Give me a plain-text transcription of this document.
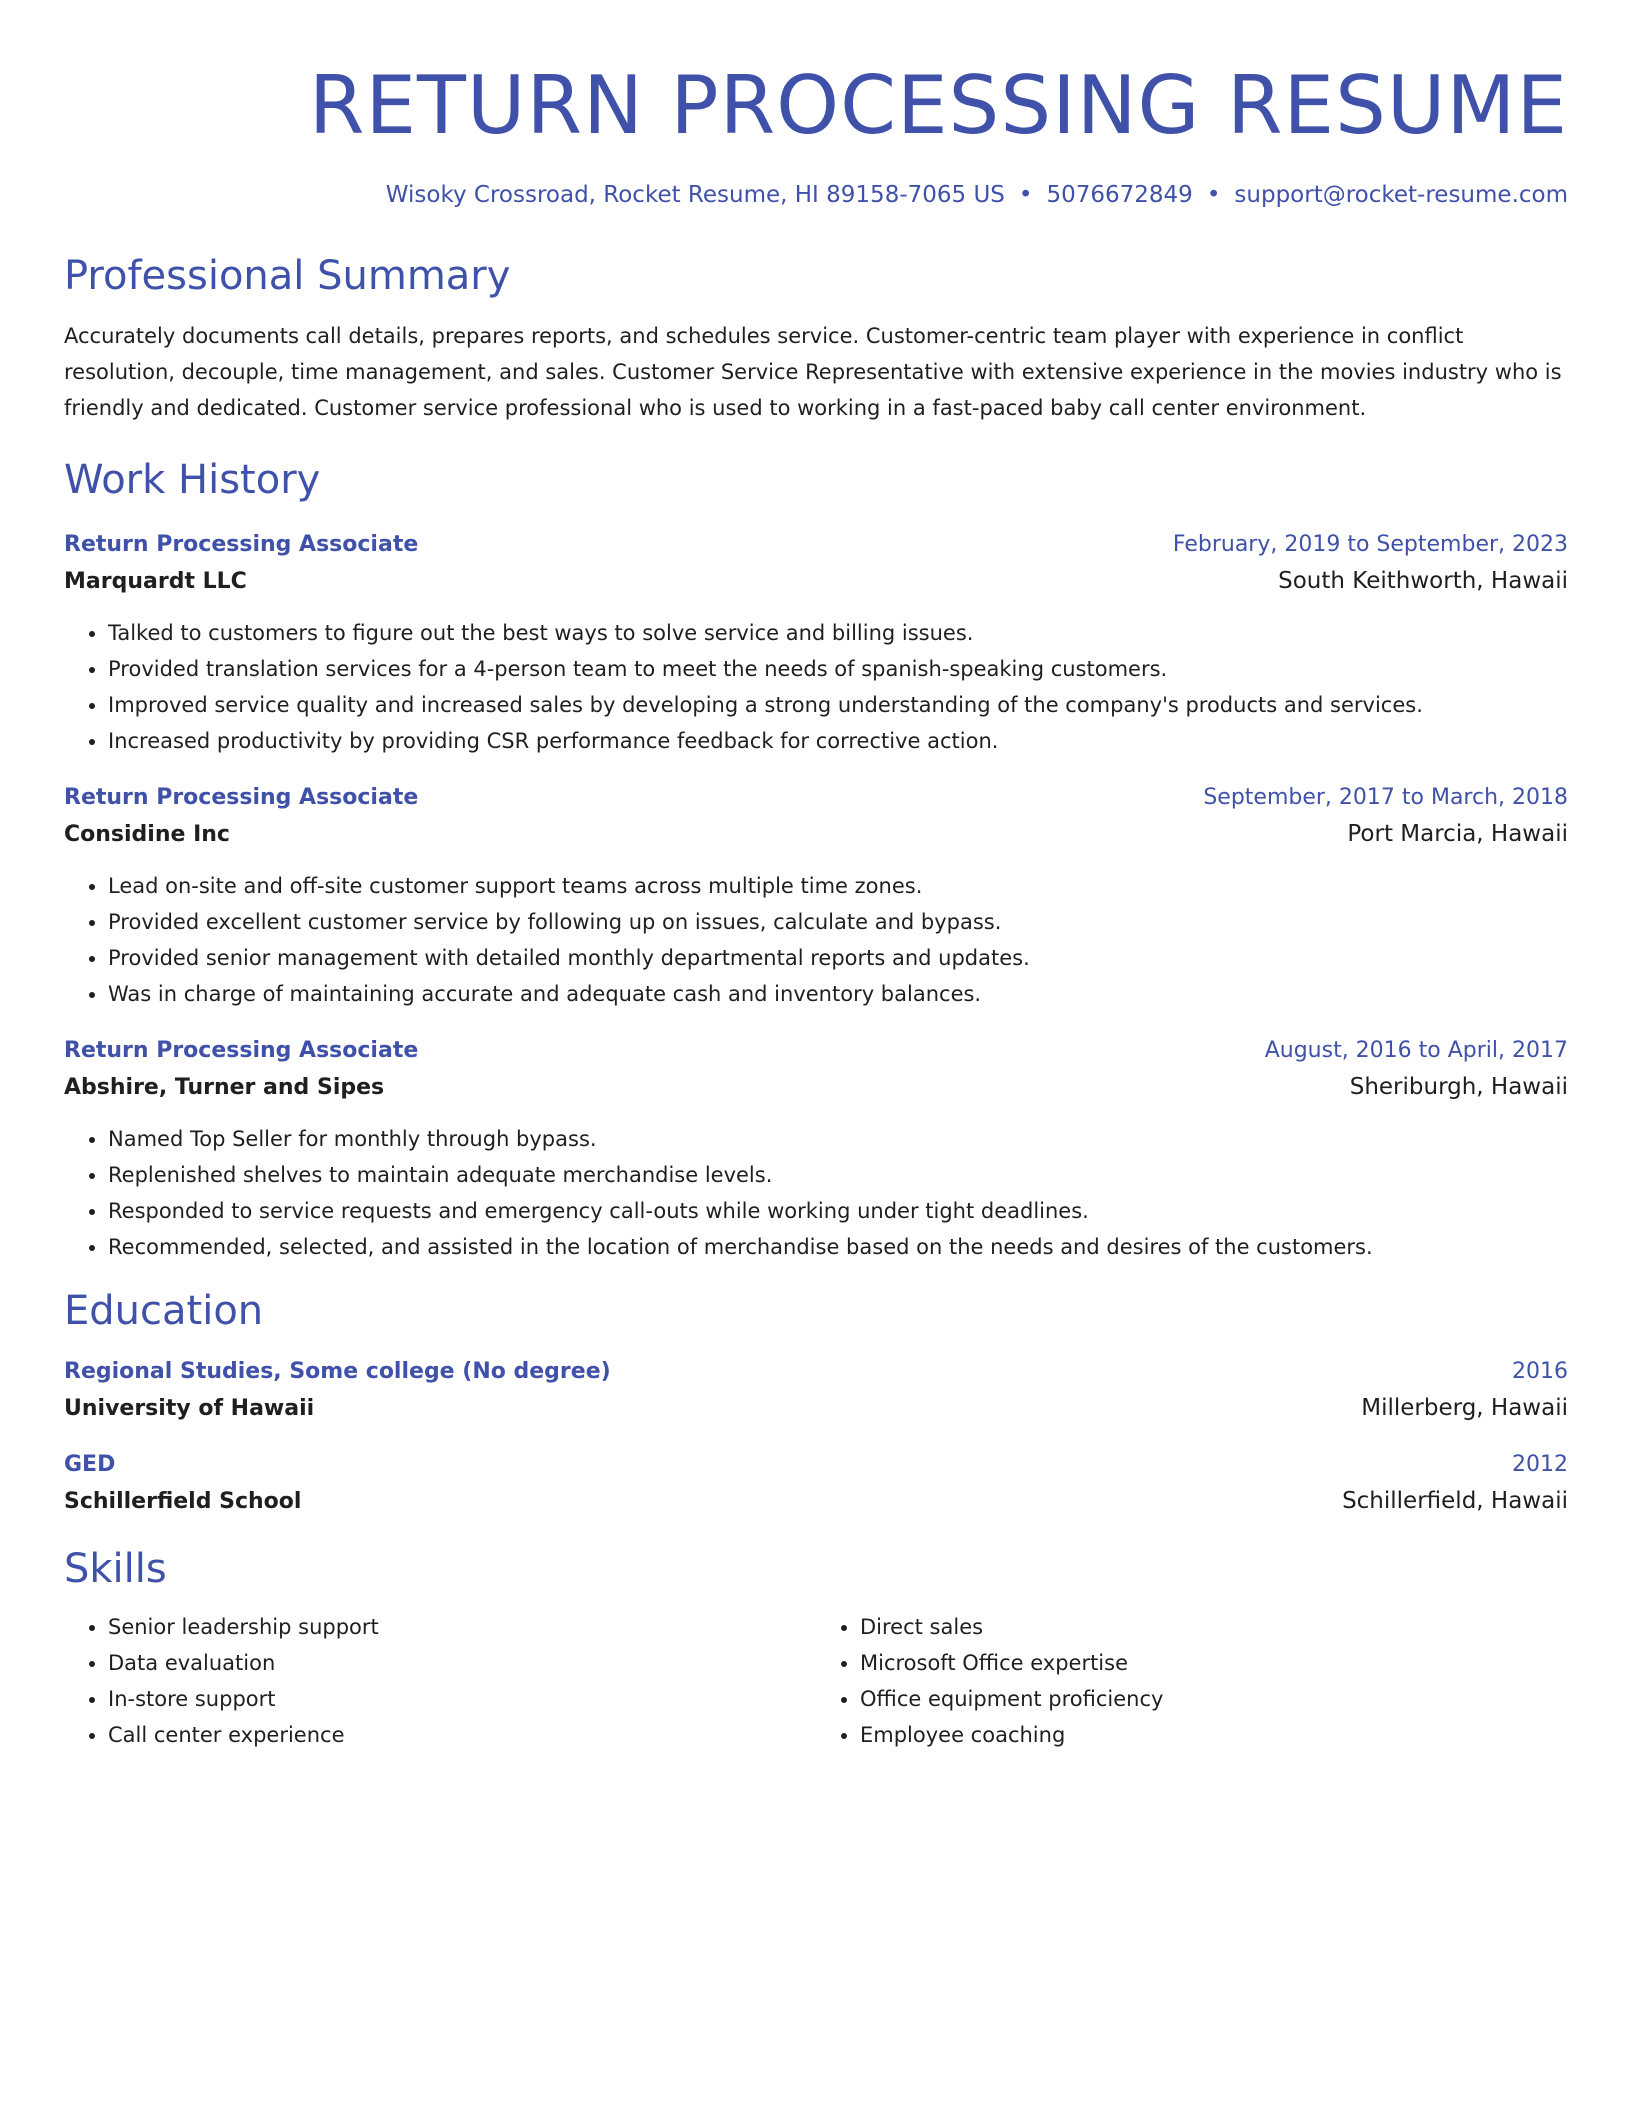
RETURN PROCESSING RESUME
Wisoky Crossroad, Rocket Resume, HI 89158-7065 US • 5076672849 • support@rocket-resume.com
Professional Summary

Accurately documents call details, prepares reports, and schedules service. Customer-centric team player with experience in conflict resolution, decouple, time management, and sales. Customer Service Representative with extensive experience in the movies industry who is friendly and dedicated. Customer service professional who is used to working in a fast-paced baby call center environment.

Work History
Return Processing Associate	February, 2019 to September, 2023
Marquardt LLC	South Keithworth, Hawaii
• Talked to customers to figure out the best ways to solve service and billing issues.
• Provided translation services for a 4-person team to meet the needs of spanish-speaking customers.
• Improved service quality and increased sales by developing a strong understanding of the company's products and services.
• Increased productivity by providing CSR performance feedback for corrective action.
Return Processing Associate	September, 2017 to March, 2018
Considine Inc	Port Marcia, Hawaii
• Lead on-site and off-site customer support teams across multiple time zones.
• Provided excellent customer service by following up on issues, calculate and bypass.
• Provided senior management with detailed monthly departmental reports and updates.
• Was in charge of maintaining accurate and adequate cash and inventory balances.
Return Processing Associate	August, 2016 to April, 2017
Abshire, Turner and Sipes	Sheriburgh, Hawaii
• Named Top Seller for monthly through bypass.
• Replenished shelves to maintain adequate merchandise levels.
• Responded to service requests and emergency call-outs while working under tight deadlines.
• Recommended, selected, and assisted in the location of merchandise based on the needs and desires of the customers.
Education
Regional Studies, Some college (No degree)	2016
University of Hawaii	Millerberg, Hawaii
GED	2012
Schillerfield School	Schillerfield, Hawaii
Skills
• Senior leadership support
• Data evaluation
• In-store support
• Call center experience
• Direct sales
• Microsoft Office expertise
• Office equipment proficiency
• Employee coaching
